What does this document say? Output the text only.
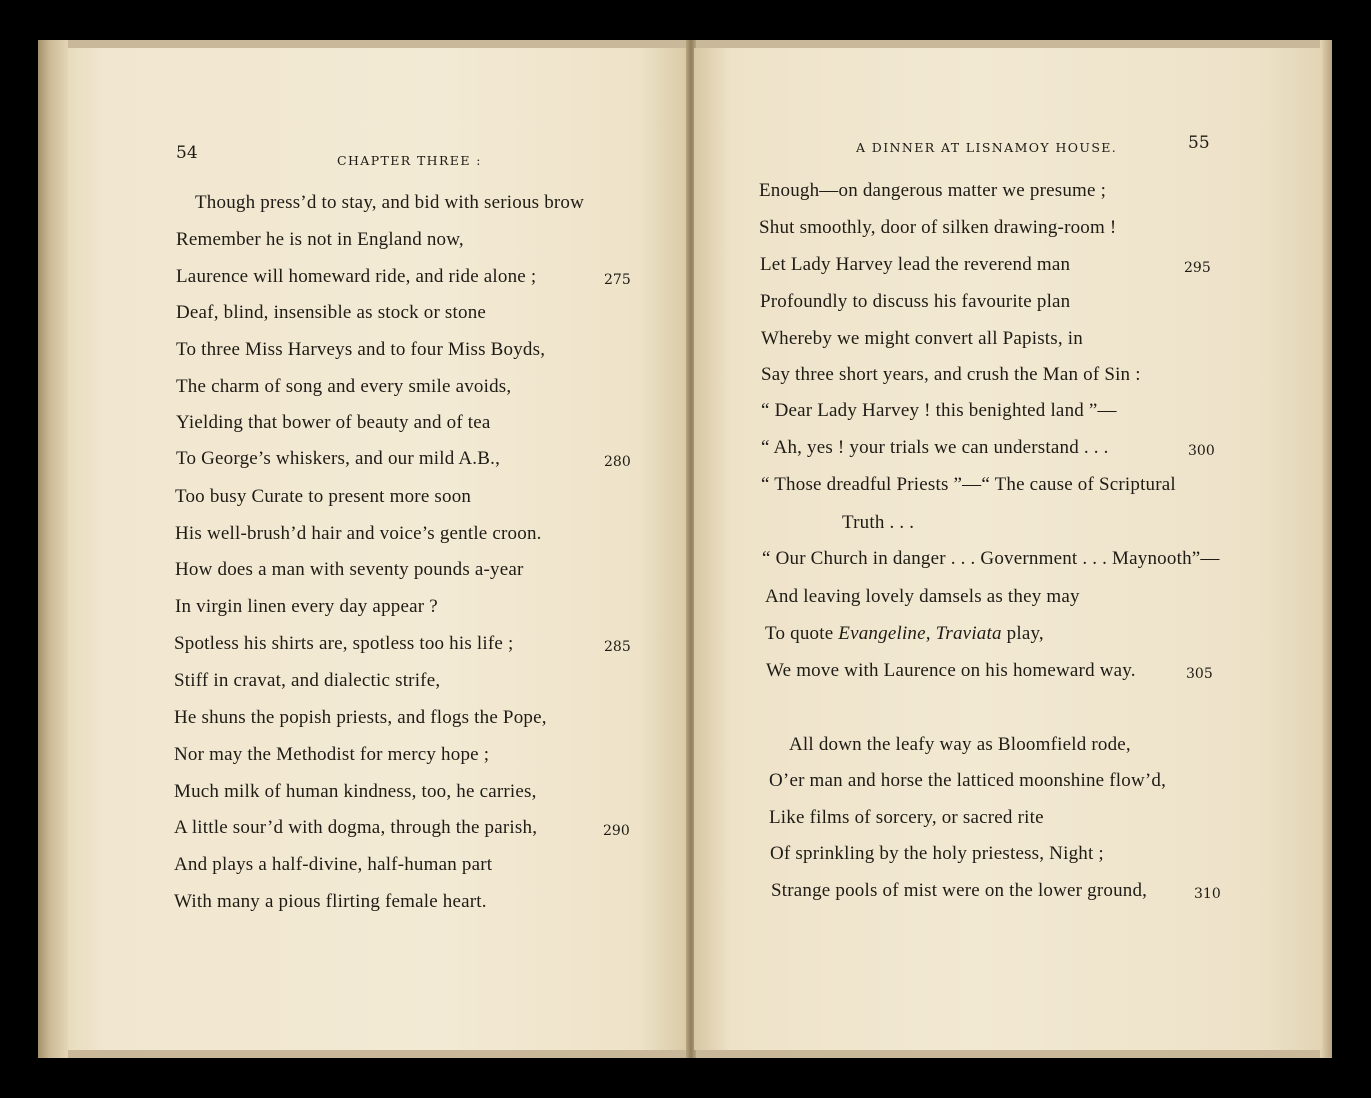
54	CHAPTER THREE :
Though press’d to stay, and bid with serious brow
Remember he is not in England now,
Laurence will homeward ride, and ride alone ;	275
Deaf, blind, insensible as stock or stone
To three Miss Harveys and to four Miss Boyds,
The charm of song and every smile avoids,
Yielding that bower of beauty and of tea
To George’s whiskers, and our mild A.B.,	280
Too busy Curate to present more soon
His well-brush’d hair and voice’s gentle croon.
How does a man with seventy pounds a-year
In virgin linen every day appear ?
Spotless his shirts are, spotless too his life ;	285
Stiff in cravat, and dialectic strife,
He shuns the popish priests, and flogs the Pope,
Nor may the Methodist for mercy hope ;
Much milk of human kindness, too, he carries,
A little sour’d with dogma, through the parish,	290
And plays a half-divine, half-human part
With many a pious flirting female heart.
A DINNER AT LISNAMOY HOUSE.	55
Enough—on dangerous matter we presume ;
Shut smoothly, door of silken drawing-room !
Let Lady Harvey lead the reverend man	295
Profoundly to discuss his favourite plan
Whereby we might convert all Papists, in
Say three short years, and crush the Man of Sin :
“ Dear Lady Harvey ! this benighted land ”—
“ Ah, yes ! your trials we can understand . . .	300
“ Those dreadful Priests ”—“ The cause of Scriptural
Truth . . .
“ Our Church in danger . . . Government . . . Maynooth”—
And leaving lovely damsels as they may
To quote Evangeline, Traviata play,
We move with Laurence on his homeward way.	305
All down the leafy way as Bloomfield rode,
O’er man and horse the latticed moonshine flow’d,
Like films of sorcery, or sacred rite
Of sprinkling by the holy priestess, Night ;
Strange pools of mist were on the lower ground,	310
